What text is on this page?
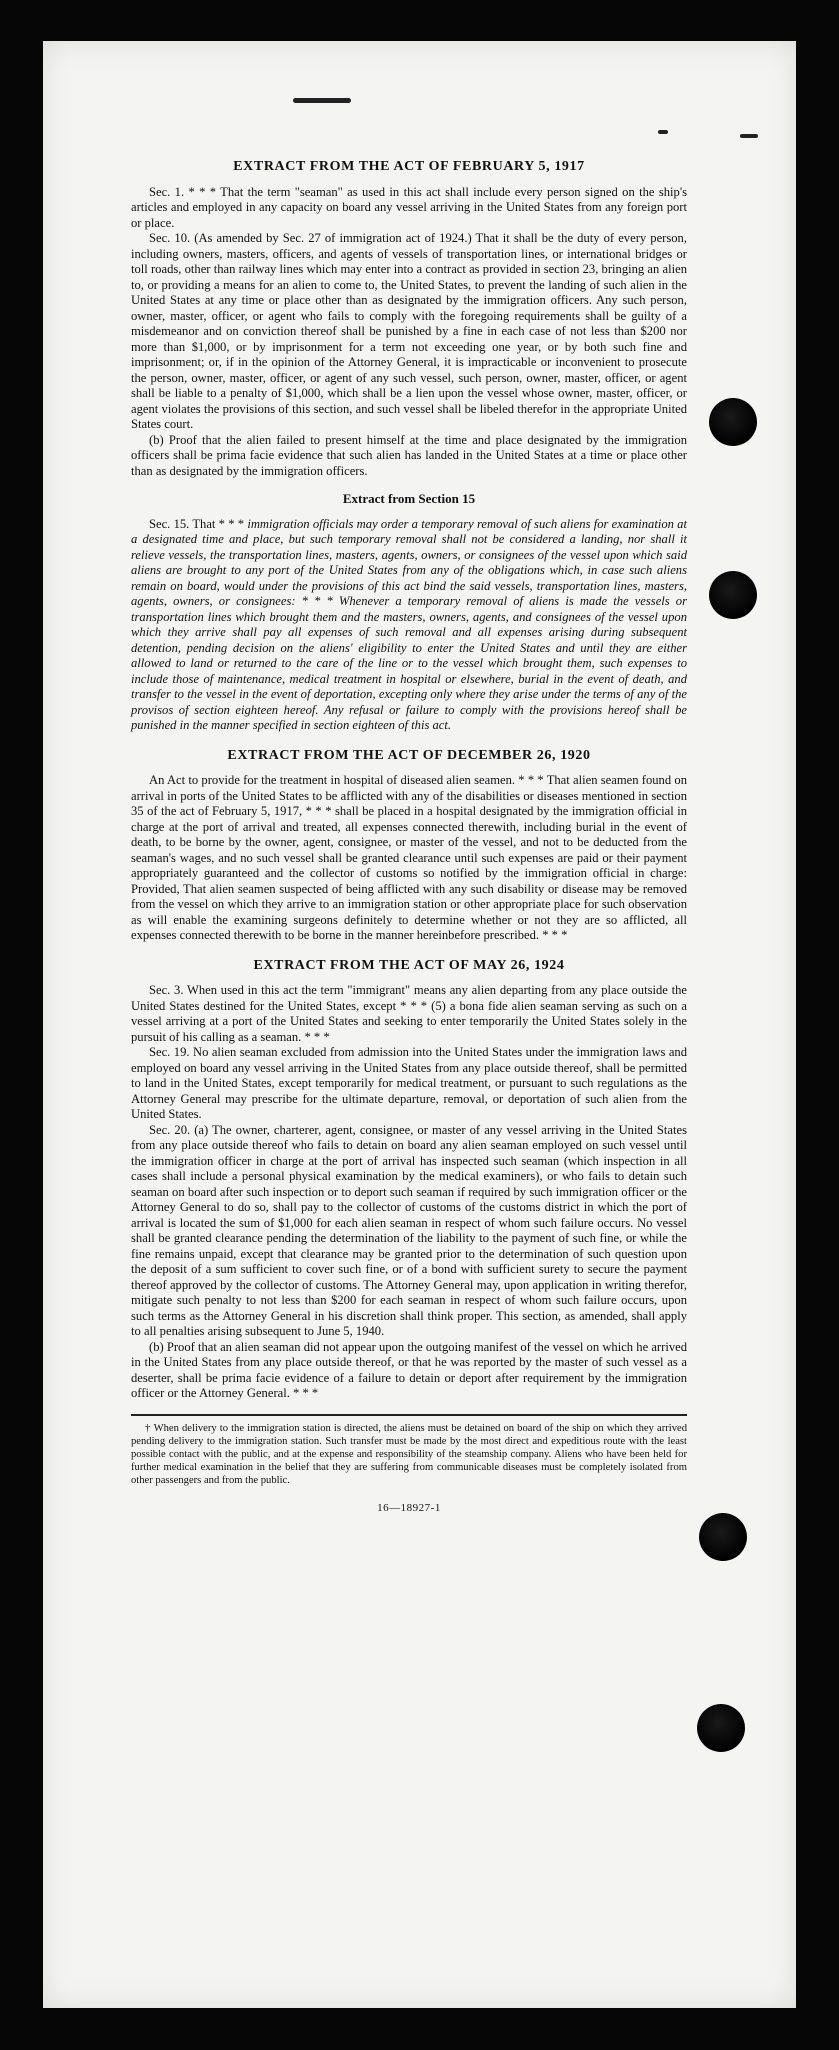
EXTRACT FROM THE ACT OF FEBRUARY 5, 1917

Sec. 1. * * * That the term "seaman" as used in this act shall include every person signed on the ship's articles and employed in any capacity on board any vessel arriving in the United States from any foreign port or place.

Sec. 10. (As amended by Sec. 27 of immigration act of 1924.) That it shall be the duty of every person, including owners, masters, officers, and agents of vessels of transportation lines, or international bridges or toll roads, other than railway lines which may enter into a contract as provided in section 23, bringing an alien to, or providing a means for an alien to come to, the United States, to prevent the landing of such alien in the United States at any time or place other than as designated by the immigration officers. Any such person, owner, master, officer, or agent who fails to comply with the foregoing requirements shall be guilty of a misdemeanor and on conviction thereof shall be punished by a fine in each case of not less than $200 nor more than $1,000, or by imprisonment for a term not exceeding one year, or by both such fine and imprisonment; or, if in the opinion of the Attorney General, it is impracticable or inconvenient to prosecute the person, owner, master, officer, or agent of any such vessel, such person, owner, master, officer, or agent shall be liable to a penalty of $1,000, which shall be a lien upon the vessel whose owner, master, officer, or agent violates the provisions of this section, and such vessel shall be libeled therefor in the appropriate United States court.

(b) Proof that the alien failed to present himself at the time and place designated by the immigration officers shall be prima facie evidence that such alien has landed in the United States at a time or place other than as designated by the immigration officers.

Extract from Section 15

Sec. 15. That * * * immigration officials may order a temporary removal of such aliens for examination at a designated time and place, but such temporary removal shall not be considered a landing, nor shall it relieve vessels, the transportation lines, masters, agents, owners, or consignees of the vessel upon which said aliens are brought to any port of the United States from any of the obligations which, in case such aliens remain on board, would under the provisions of this act bind the said vessels, transportation lines, masters, agents, owners, or consignees: * * * Whenever a temporary removal of aliens is made the vessels or transportation lines which brought them and the masters, owners, agents, and consignees of the vessel upon which they arrive shall pay all expenses of such removal and all expenses arising during subsequent detention, pending decision on the aliens' eligibility to enter the United States and until they are either allowed to land or returned to the care of the line or to the vessel which brought them, such expenses to include those of maintenance, medical treatment in hospital or elsewhere, burial in the event of death, and transfer to the vessel in the event of deportation, excepting only where they arise under the terms of any of the provisos of section eighteen hereof. Any refusal or failure to comply with the provisions hereof shall be punished in the manner specified in section eighteen of this act.

EXTRACT FROM THE ACT OF DECEMBER 26, 1920

An Act to provide for the treatment in hospital of diseased alien seamen. * * * That alien seamen found on arrival in ports of the United States to be afflicted with any of the disabilities or diseases mentioned in section 35 of the act of February 5, 1917, * * * shall be placed in a hospital designated by the immigration official in charge at the port of arrival and treated, all expenses connected therewith, including burial in the event of death, to be borne by the owner, agent, consignee, or master of the vessel, and not to be deducted from the seaman's wages, and no such vessel shall be granted clearance until such expenses are paid or their payment appropriately guaranteed and the collector of customs so notified by the immigration official in charge: Provided, That alien seamen suspected of being afflicted with any such disability or disease may be removed from the vessel on which they arrive to an immigration station or other appropriate place for such observation as will enable the examining surgeons definitely to determine whether or not they are so afflicted, all expenses connected therewith to be borne in the manner hereinbefore prescribed. * * *

EXTRACT FROM THE ACT OF MAY 26, 1924

Sec. 3. When used in this act the term "immigrant" means any alien departing from any place outside the United States destined for the United States, except * * * (5) a bona fide alien seaman serving as such on a vessel arriving at a port of the United States and seeking to enter temporarily the United States solely in the pursuit of his calling as a seaman. * * *

Sec. 19. No alien seaman excluded from admission into the United States under the immigration laws and employed on board any vessel arriving in the United States from any place outside thereof, shall be permitted to land in the United States, except temporarily for medical treatment, or pursuant to such regulations as the Attorney General may prescribe for the ultimate departure, removal, or deportation of such alien from the United States.

Sec. 20. (a) The owner, charterer, agent, consignee, or master of any vessel arriving in the United States from any place outside thereof who fails to detain on board any alien seaman employed on such vessel until the immigration officer in charge at the port of arrival has inspected such seaman (which inspection in all cases shall include a personal physical examination by the medical examiners), or who fails to detain such seaman on board after such inspection or to deport such seaman if required by such immigration officer or the Attorney General to do so, shall pay to the collector of customs of the customs district in which the port of arrival is located the sum of $1,000 for each alien seaman in respect of whom such failure occurs. No vessel shall be granted clearance pending the determination of the liability to the payment of such fine, or while the fine remains unpaid, except that clearance may be granted prior to the determination of such question upon the deposit of a sum sufficient to cover such fine, or of a bond with sufficient surety to secure the payment thereof approved by the collector of customs. The Attorney General may, upon application in writing therefor, mitigate such penalty to not less than $200 for each seaman in respect of whom such failure occurs, upon such terms as the Attorney General in his discretion shall think proper. This section, as amended, shall apply to all penalties arising subsequent to June 5, 1940.

(b) Proof that an alien seaman did not appear upon the outgoing manifest of the vessel on which he arrived in the United States from any place outside thereof, or that he was reported by the master of such vessel as a deserter, shall be prima facie evidence of a failure to detain or deport after requirement by the immigration officer or the Attorney General. * * *

† When delivery to the immigration station is directed, the aliens must be detained on board of the ship on which they arrived pending delivery to the immigration station. Such transfer must be made by the most direct and expeditious route with the least possible contact with the public, and at the expense and responsibility of the steamship company. Aliens who have been held for further medical examination in the belief that they are suffering from communicable diseases must be completely isolated from other passengers and from the public.

16—18927-1
